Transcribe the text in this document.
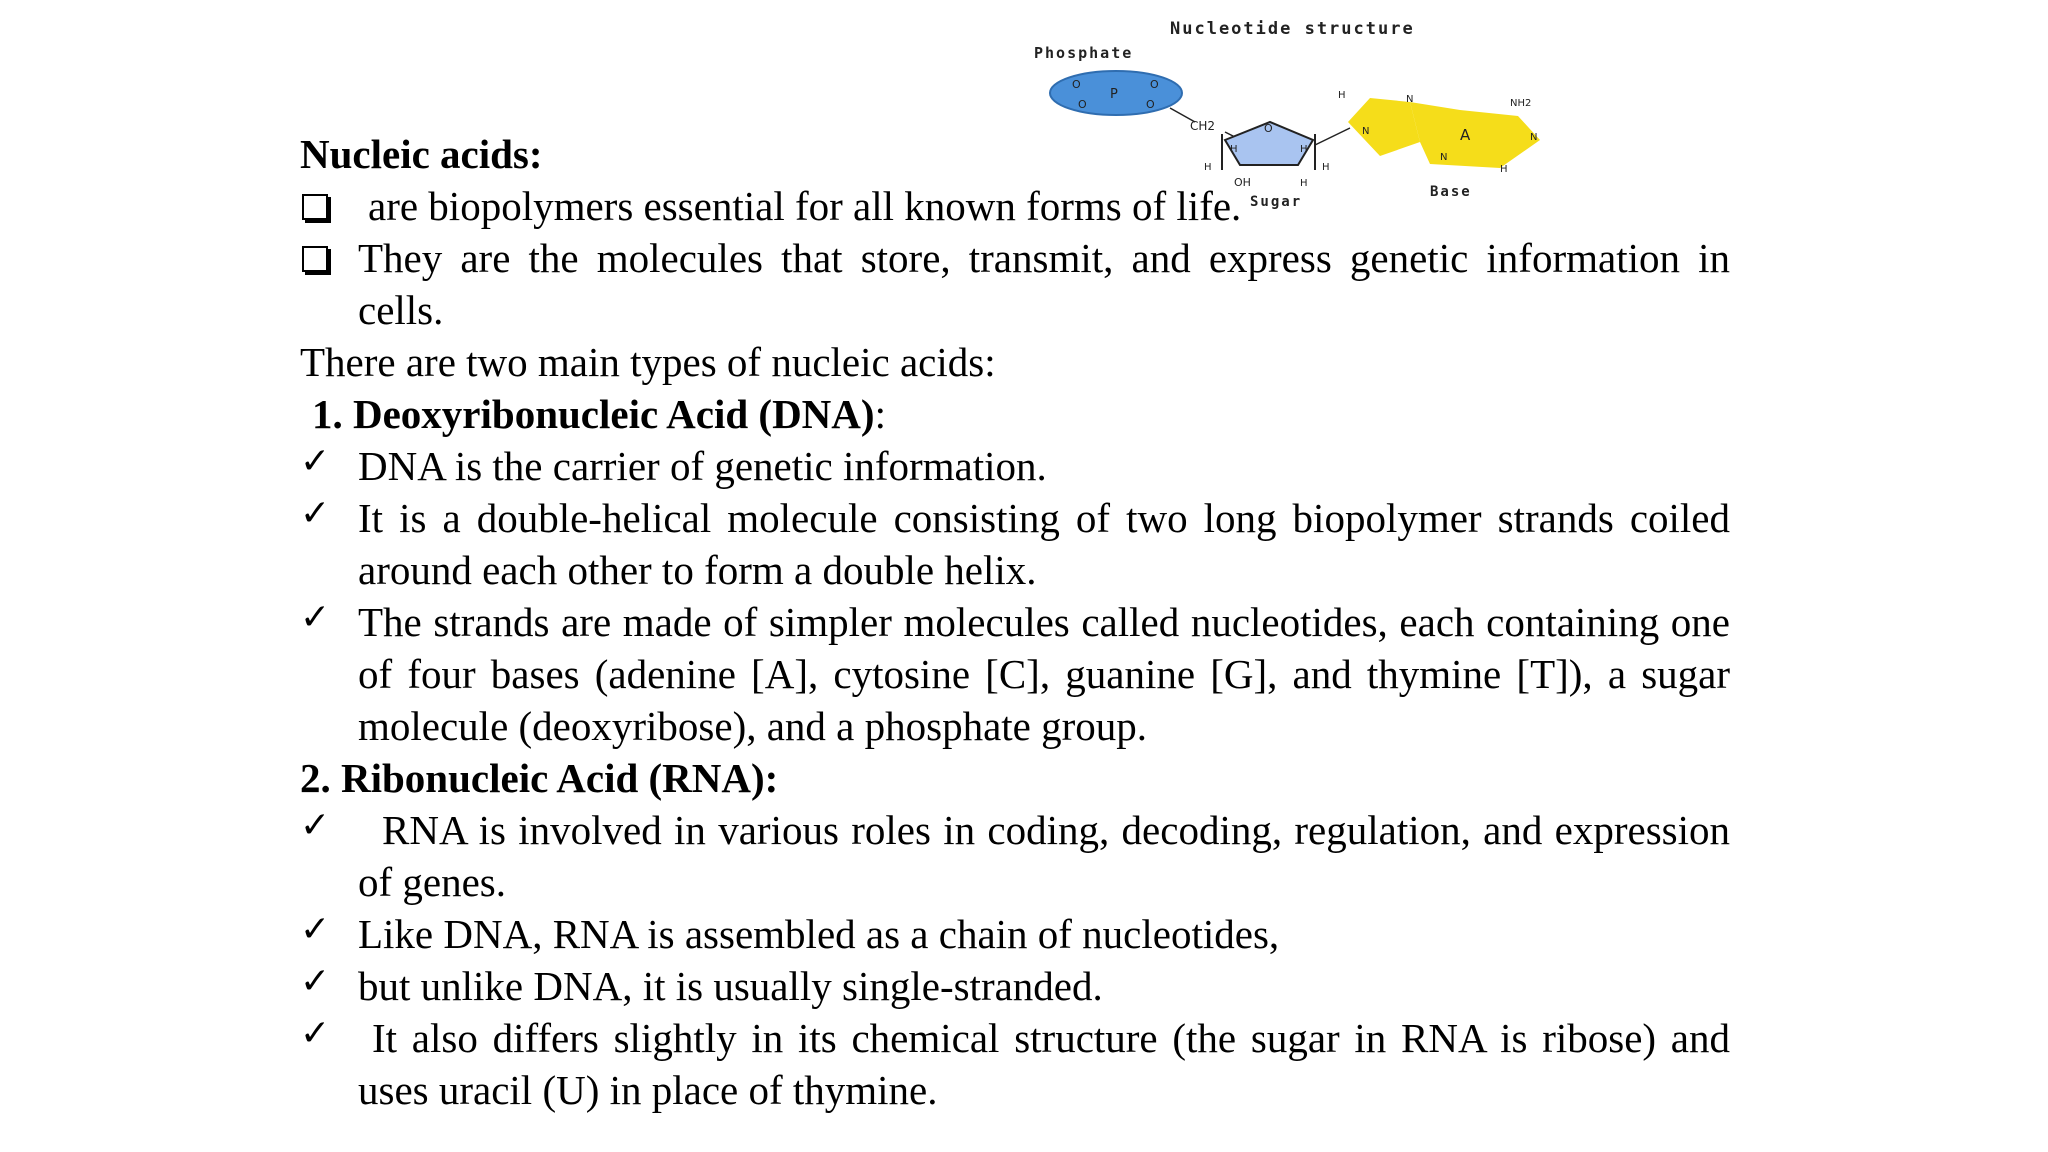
Nucleotide structure
Phosphate
P
O	O
O	O
CH2	O
H
H
H
H
OH	H
Sugar
H	N
N	A
NH2
N
N
H
Base
Nucleic acids:
are biopolymers essential for all known forms of life.
They are the molecules that store, transmit, and express genetic information in cells.
There are two main types of nucleic acids:
1. Deoxyribonucleic Acid (DNA):
✓ DNA is the carrier of genetic information.
✓ It is a double-helical molecule consisting of two long biopolymer strands coiled around each other to form a double helix.
✓ The strands are made of simpler molecules called nucleotides, each containing one of four bases (adenine [A], cytosine [C], guanine [G], and thymine [T]), a sugar molecule (deoxyribose), and a phosphate group.
2. Ribonucleic Acid (RNA):
✓	RNA is involved in various roles in coding, decoding, regulation, and expression of genes.
✓ Like DNA, RNA is assembled as a chain of nucleotides,
✓ but unlike DNA, it is usually single-stranded.
✓	It also differs slightly in its chemical structure (the sugar in RNA is ribose) and uses uracil (U) in place of thymine.
